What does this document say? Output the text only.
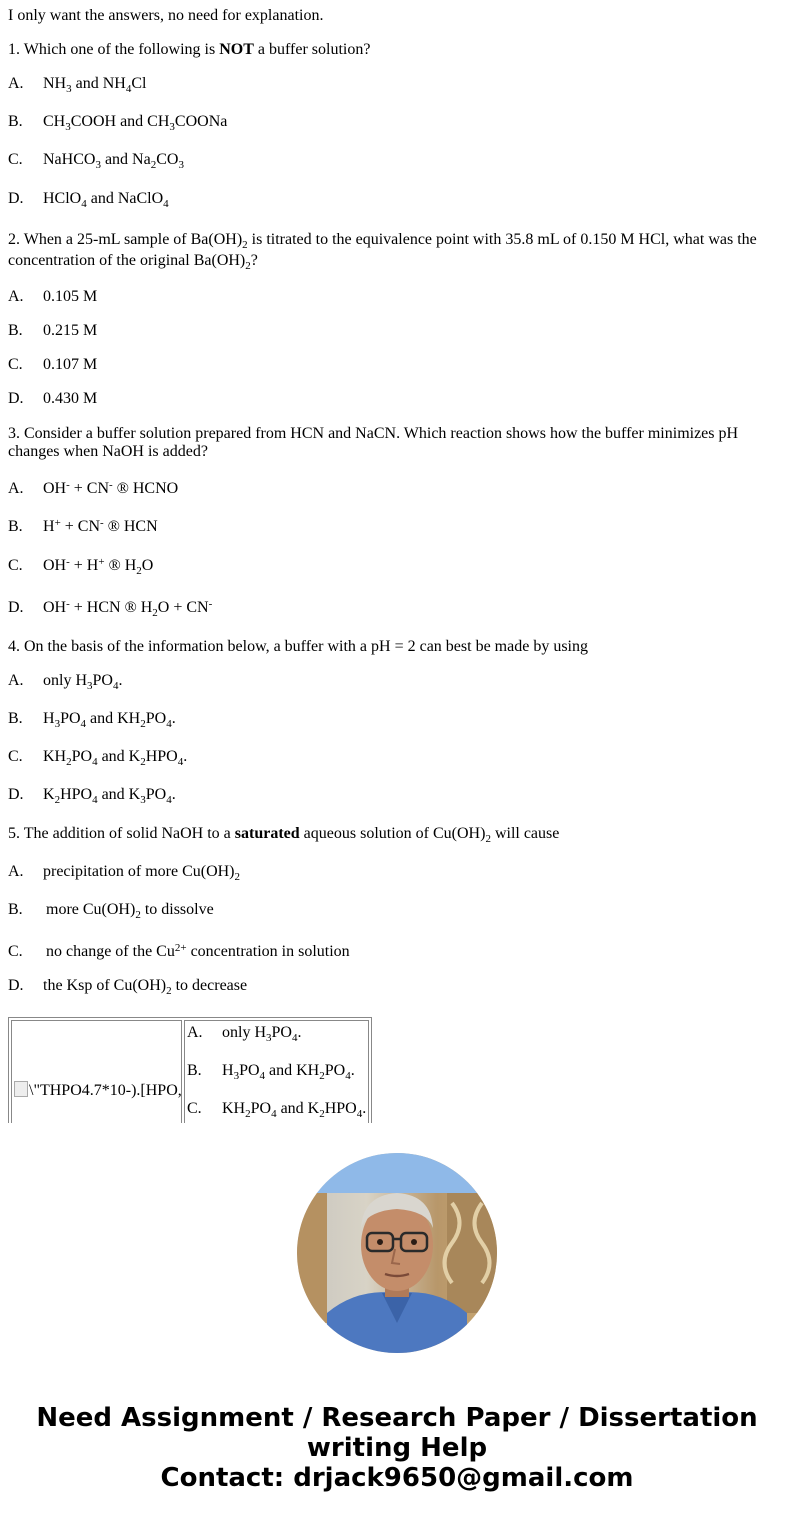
I only want the answers, no need for explanation.
1. Which one of the following is NOT a buffer solution?
A. $NH_3$ and $NH_4Cl$
B. $CH_3COOH$ and $CH_3COONa$
C. NaHCO$_3$ and $Na_2CO_3$
D. HClO$_4$ and NaClO$_4$
2. When a 25-mL sample of $Ba(OH)_2$ is titrated to the equivalence point with 35.8 mL of 0.150 M HCl, what was the concentration of the original $Ba(OH)_2$?
A. 0.105 M
B. 0.215 M
C. 0.107 M
D. 0.430 M
3. Consider a buffer solution prepared from HCN and NaCN. Which reaction shows how the buffer minimizes pH changes when NaOH is added?
A. OH- + CN- ® HCNO
B. H+ + CN- ® HCN
C. OH- + H+ ® $H_2O$
D. OH- + HCN ® $H_2O + CN^-$
4. On the basis of the information below, a buffer with a pH = 2 can best be made by using
A. only $H_3PO_4$.
B. $H_3PO_4$ and $KH_2PO_4$.
C. $KH_2PO_4$ and $K_2HPO_4$.
D. $K_2HPO_4$ and $K_3PO_4$.
5. The addition of solid NaOH to a saturated aqueous solution of $Cu(OH)_2$ will cause
A. precipitation of more $Cu(OH)_2$
B. more $Cu(OH)_2$ to dissolve
C. no change of the $Cu^{2+}$ concentration in solution
D. the Ksp of $Cu(OH)_2$ to decrease
\"THPO4.7*10-).[HPO,
A. only $H_3PO_4$.
B. $H_3PO_4$ and $KH_2PO_4$.
C. $KH_2PO_4$ and $K_2HPO_4$.
Need Assignment / Research Paper / Dissertation
writing Help
Contact: drjack9650@gmail.com
